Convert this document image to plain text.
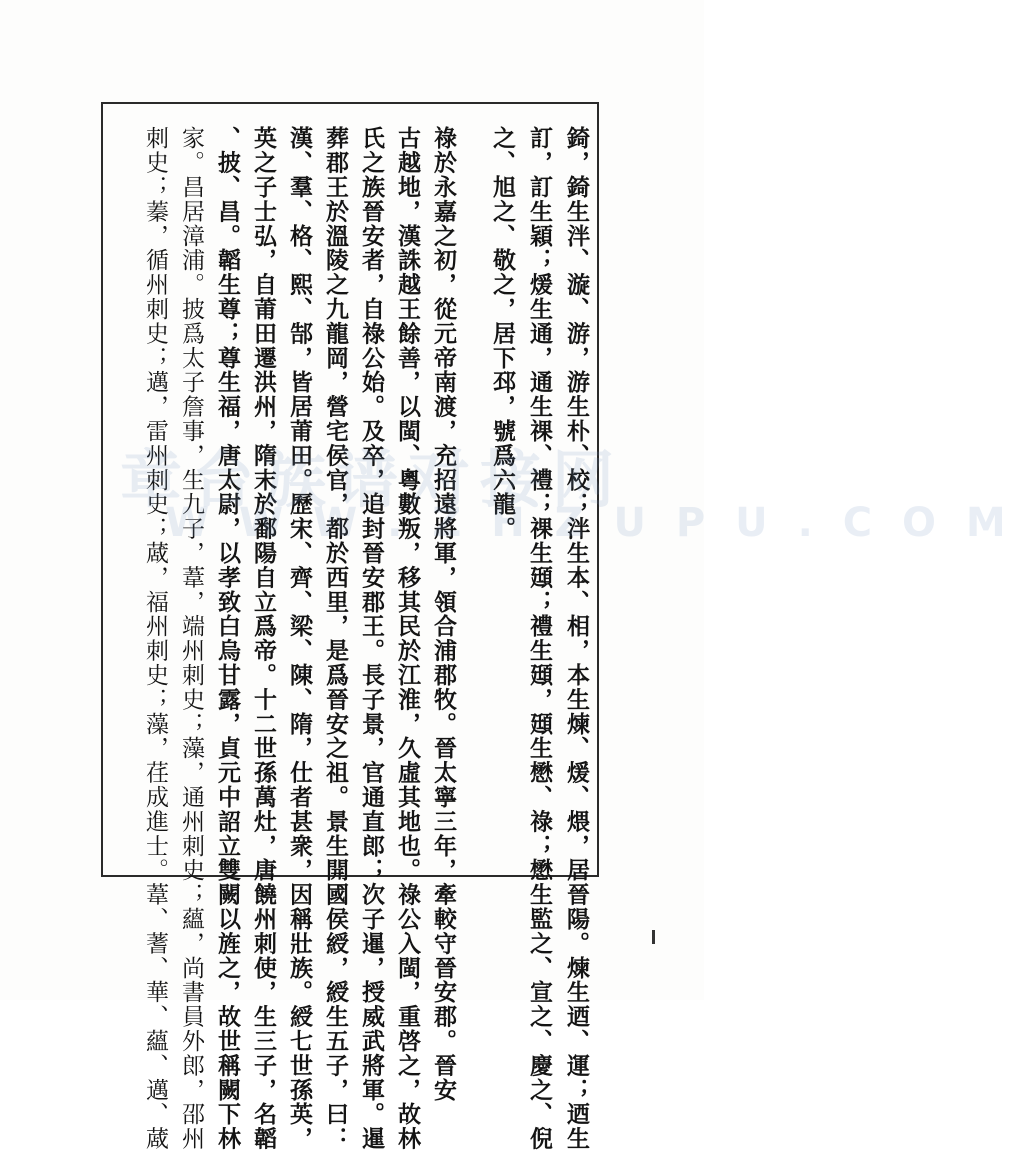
錡，錡生泮、漩、游，游生朴、校；泮生本、相，本生煉、煖、煨，居晉陽。煉生迺、運；迺生
訂，訂生穎；煖生通，通生祼、禮；祼生頲；禮生頲，頲生懋、祿；懋生監之、宣之、慶之、倪
之、旭之、敬之，居下邳，號爲六龍。
祿於永嘉之初，從元帝南渡，充招遠將軍，領合浦郡牧。晉太寧三年，牽較守晉安郡。晉安
古越地，漢誅越王餘善，以閩、粵數叛，移其民於江淮，久虛其地也。祿公入閩，重啓之，故林
氏之族晉安者，自祿公始。及卒，追封晉安郡王。長子景，官通直郎；次子暹，授威武將軍。暹
葬郡王於溫陵之九龍岡，營宅侯官，都於西里，是爲晉安之祖。景生開國侯綬，綬生五子，曰：
漢、羣、格、熙、郜，皆居莆田。歷宋、齊、梁、陳、隋，仕者甚衆，因稱壯族。綬七世孫英，
英之子士弘，自莆田遷洪州，隋末於鄱陽自立爲帝。十二世孫萬灶，唐饒州刺使，生三子，名韜
、披、昌。韜生尊；尊生福，唐太尉，以孝致白烏甘露，貞元中詔立雙闕以旌之，故世稱闕下林
家。昌居漳浦。披爲太子詹事，生九子，葦，端州刺史；藻，通州刺史；蘊，尚書員外郎，邵州
刺史；蓁，循州刺史；邁，雷州刺史；蒧，福州刺史；藻，荏成進士。葦、蓍、華、蘊、邁、蒧
章台族谱对接网
W W W . Z H Z U P U . C O M
